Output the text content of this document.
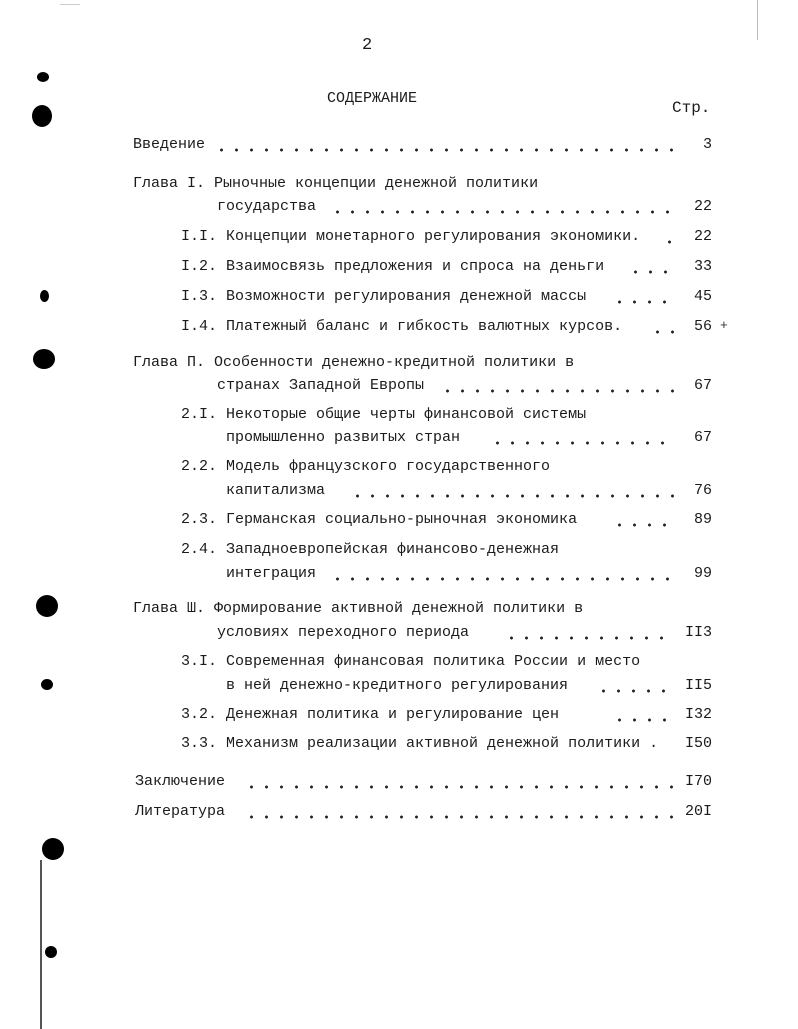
2
СОДЕРЖАНИЕ
Стр.
Введение	3
Глава I. Рыночные концепции денежной политики
государства	22
I.I. Концепции монетарного регулирования экономики.	22
I.2. Взаимосвязь предложения и спроса на деньги	33
I.3. Возможности регулирования денежной массы	45
I.4. Платежный баланс и гибкость валютных курсов.	56 +
Глава П. Особенности денежно-кредитной политики в
странах Западной Европы	67
2.I. Некоторые общие черты финансовой системы
промышленно развитых стран	67
2.2. Модель французского государственного
капитализма	76
2.3. Германская социально-рыночная экономика	89
2.4. Западноевропейская финансово-денежная
интеграция	99
Глава Ш. Формирование активной денежной политики в
условиях переходного периода	II3
3.I. Современная финансовая политика России и место
в ней денежно-кредитного регулирования	II5
3.2. Денежная политика и регулирование цен	I32
3.3. Механизм реализации активной денежной политики .	I50
Заключение	I70
Литература	20I
